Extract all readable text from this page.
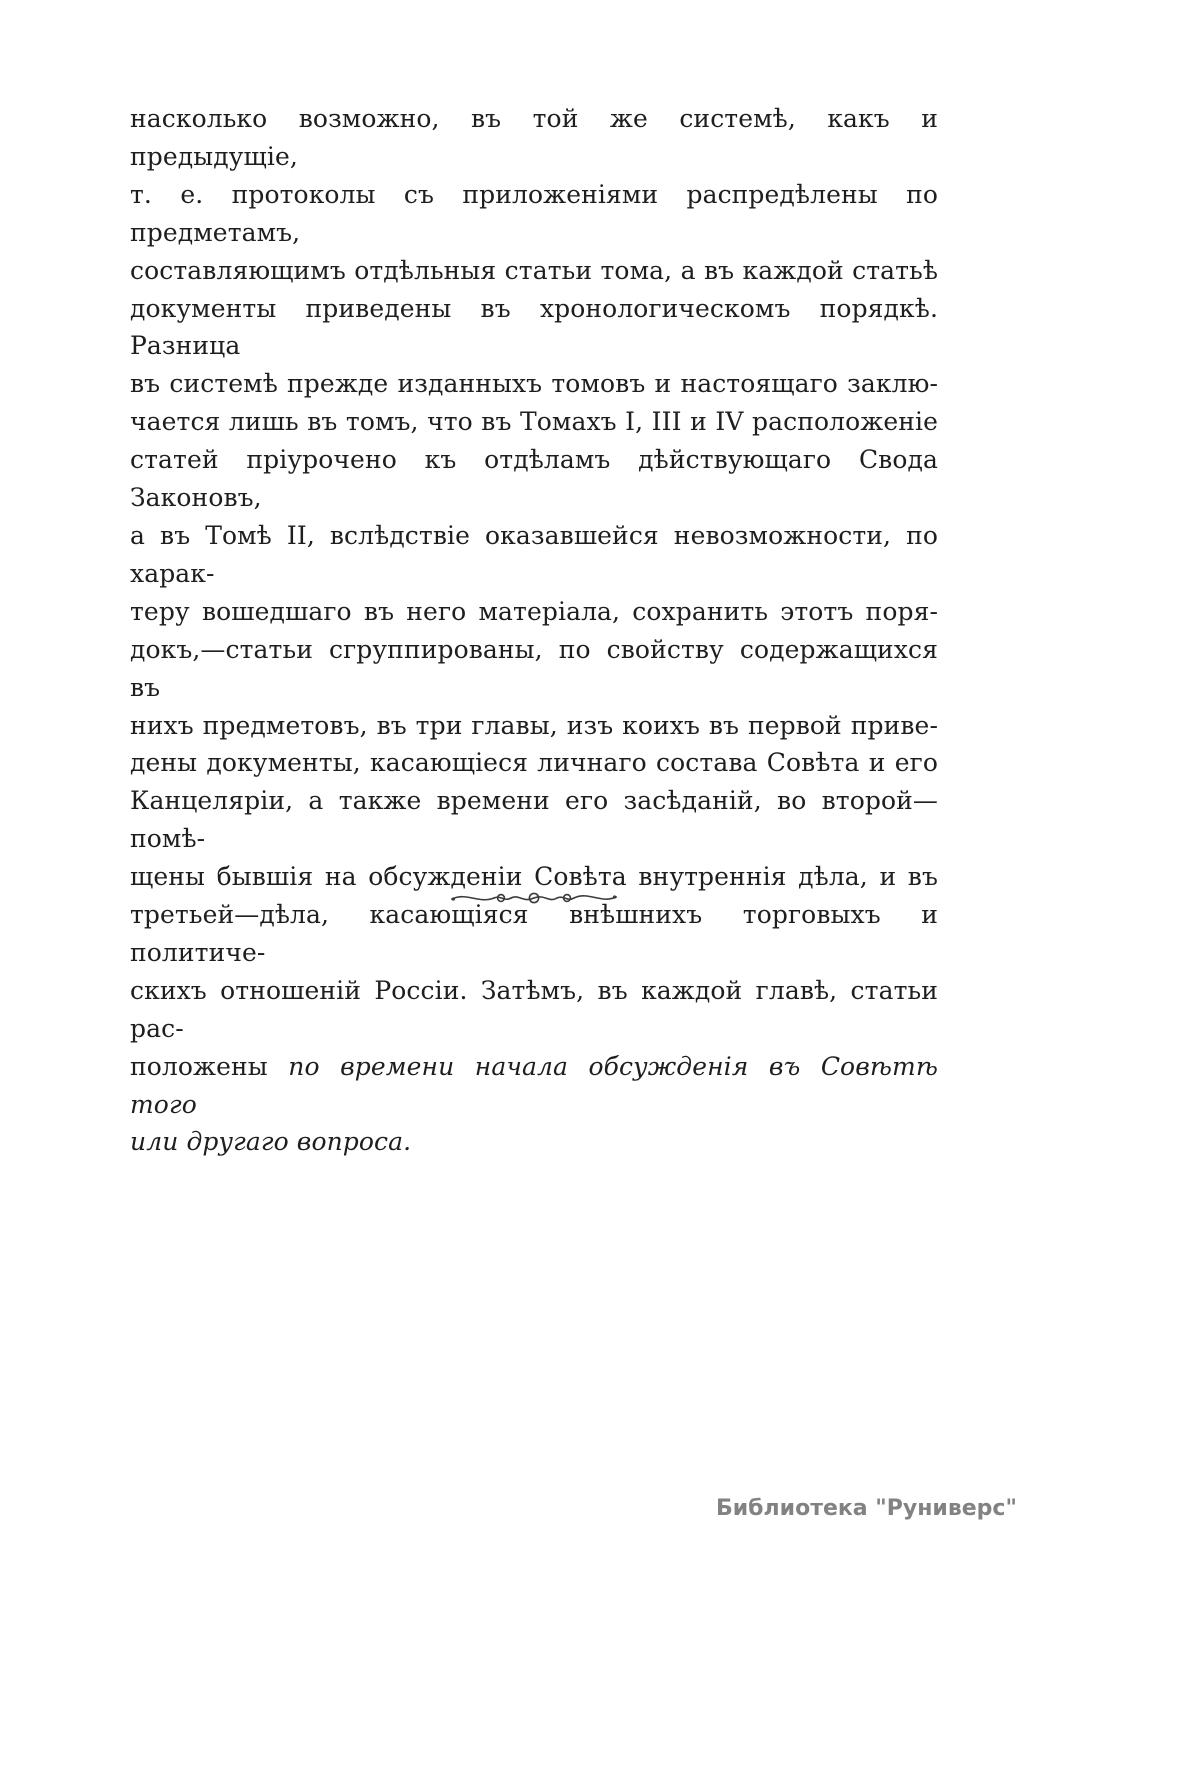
насколько возможно, въ той же системѣ, какъ и предыдущіе,
т. е. протоколы съ приложеніями распредѣлены по предметамъ,
составляющимъ отдѣльныя статьи тома, а въ каждой статьѣ
документы приведены въ хронологическомъ порядкѣ. Разница
въ системѣ прежде изданныхъ томовъ и настоящаго заклю-
чается лишь въ томъ, что въ Томахъ I, III и IV расположеніе
статей пріурочено къ отдѣламъ дѣйствующаго Свода Законовъ,
а въ Томѣ II, вслѣдствіе оказавшейся невозможности, по харак-
теру вошедшаго въ него матеріала, сохранить этотъ поря-
докъ,—статьи сгруппированы, по свойству содержащихся въ
нихъ предметовъ, въ три главы, изъ коихъ въ первой приве-
дены документы, касающіеся личнаго состава Совѣта и его
Канцеляріи, а также времени его засѣданій, во второй—помѣ-
щены бывшія на обсужденіи Совѣта внутреннія дѣла, и въ
третьей—дѣла, касающіяся внѣшнихъ торговыхъ и политиче-
скихъ отношеній Россіи. Затѣмъ, въ каждой главѣ, статьи рас-
положены по времени начала обсужденія въ Совѣтѣ того
или другаго вопроса.
Библиотека "Руниверс"
